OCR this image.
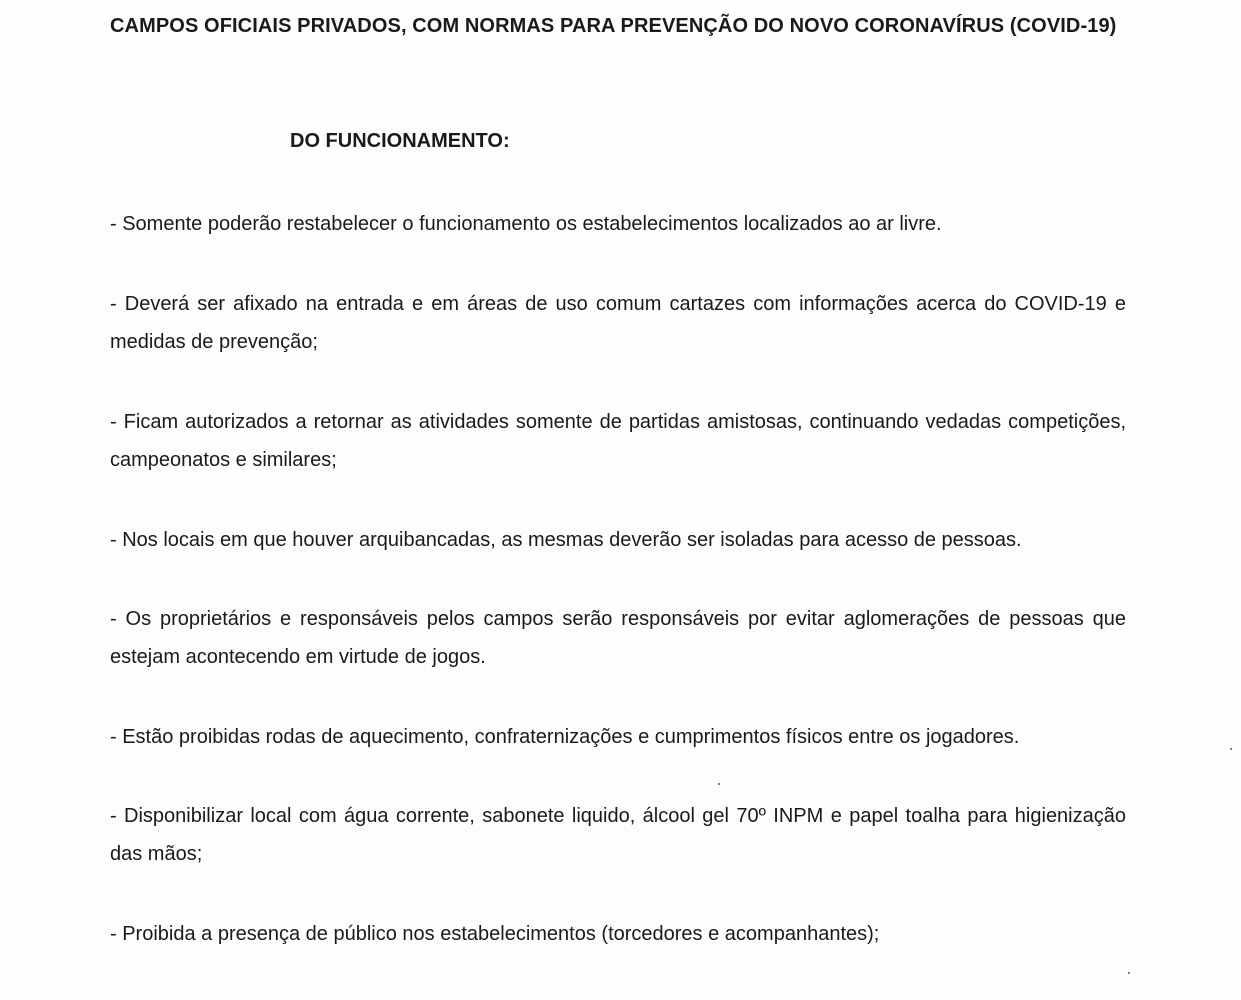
CAMPOS OFICIAIS PRIVADOS, COM NORMAS PARA PREVENÇÃO DO NOVO CORONAVÍRUS (COVID-19)
DO FUNCIONAMENTO:
- Somente poderão restabelecer o funcionamento os estabelecimentos localizados ao ar livre.
- Deverá ser afixado na entrada e em áreas de uso comum cartazes com informações acerca do COVID-19 e medidas de prevenção;
- Ficam autorizados a retornar as atividades somente de partidas amistosas, continuando vedadas competições, campeonatos e similares;
- Nos locais em que houver arquibancadas, as mesmas deverão ser isoladas para acesso de pessoas.
- Os proprietários e responsáveis pelos campos serão responsáveis por evitar aglomerações de pessoas que estejam acontecendo em virtude de jogos.
- Estão proibidas rodas de aquecimento, confraternizações e cumprimentos físicos entre os jogadores.
- Disponibilizar local com água corrente, sabonete liquido, álcool gel 70º INPM e papel toalha para higienização das mãos;
- Proibida a presença de público nos estabelecimentos (torcedores e acompanhantes);
